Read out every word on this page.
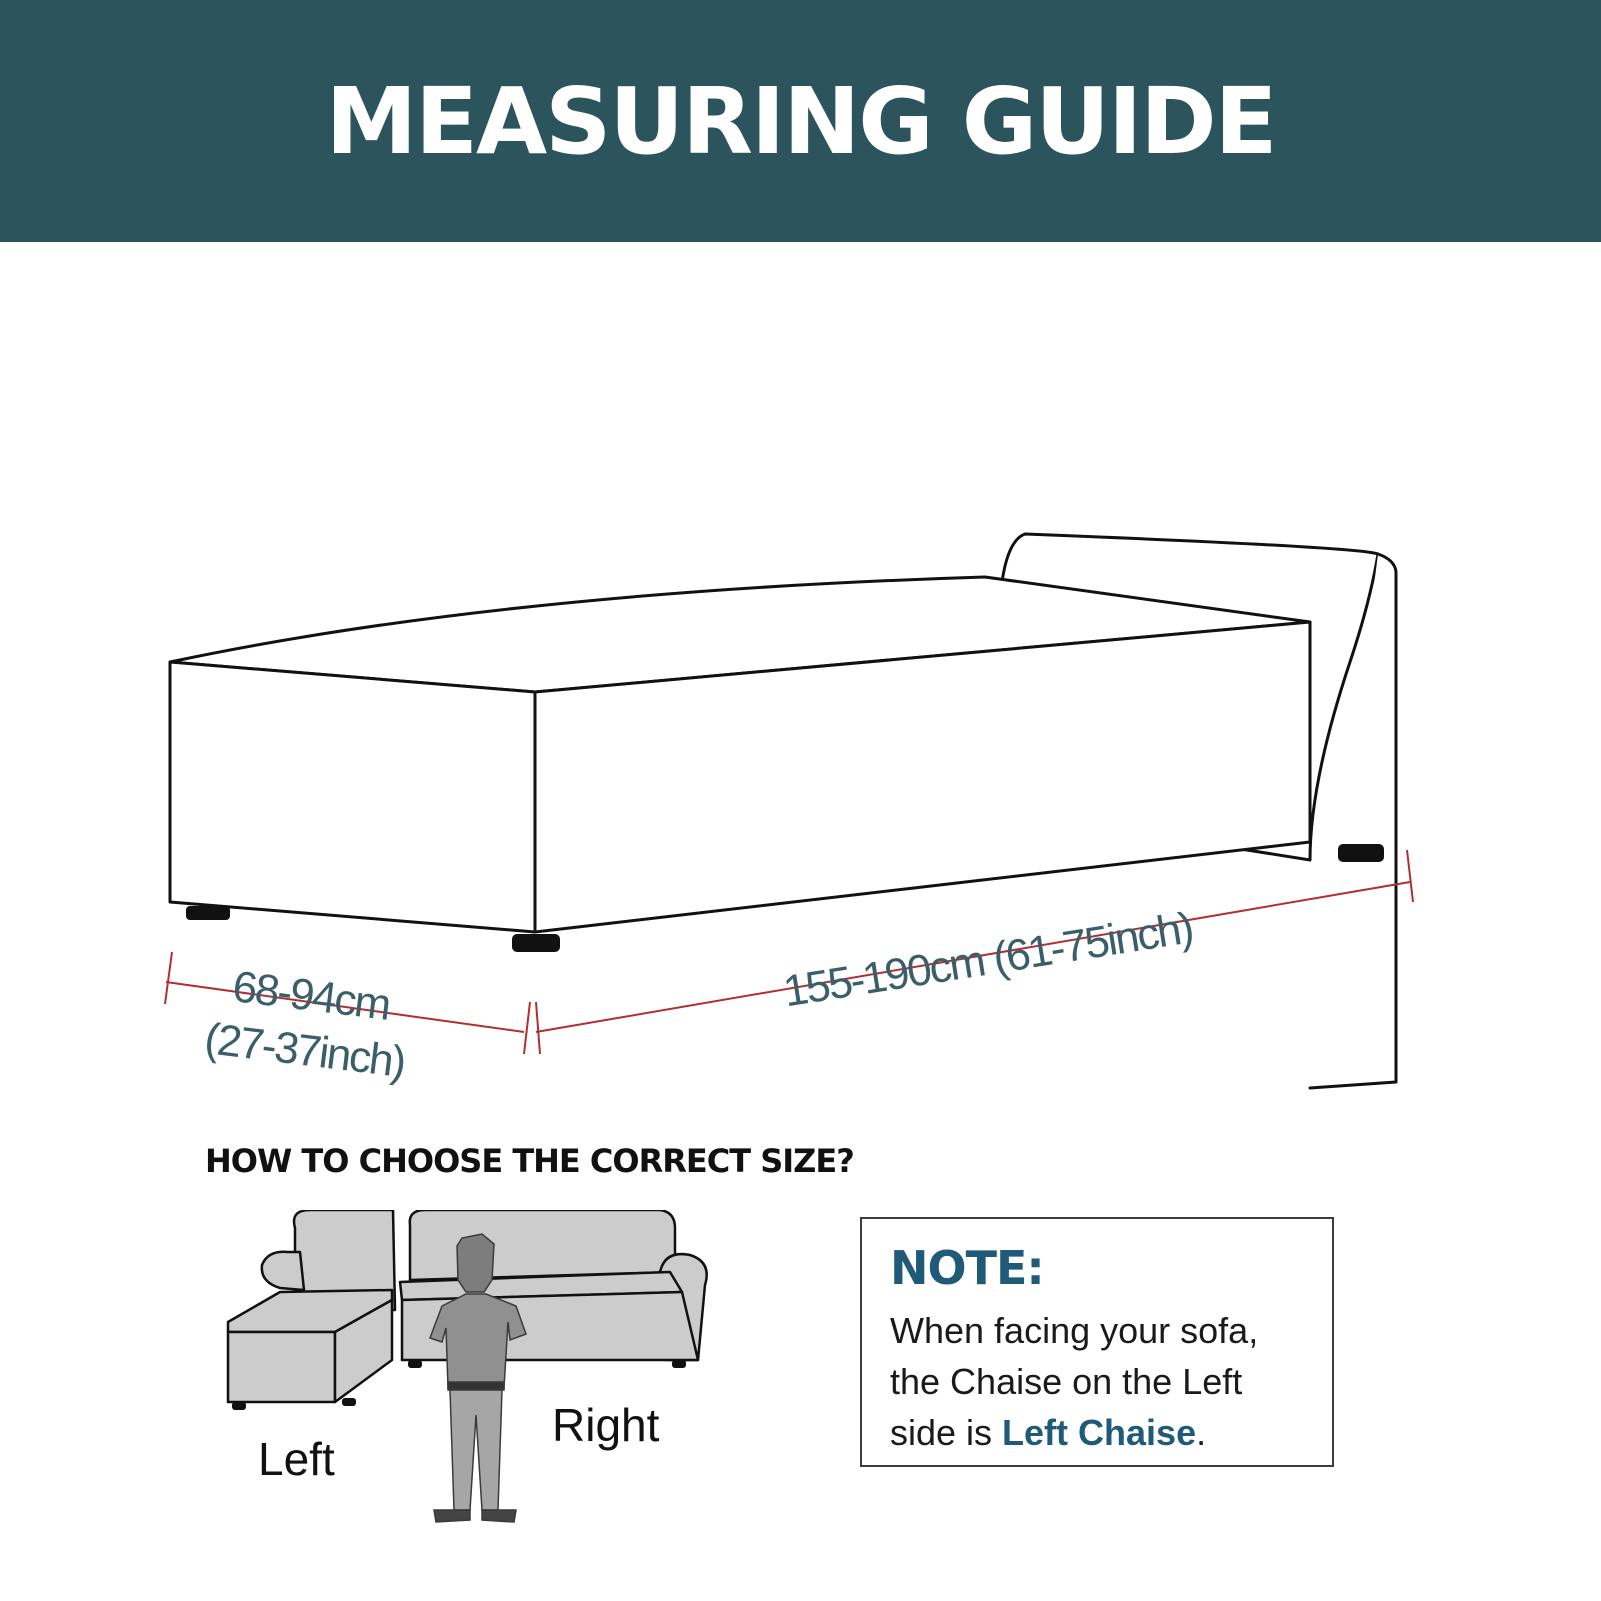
MEASURING GUIDE
68-94cm
(27-37inch)
155-190cm (61-75inch)
HOW TO CHOOSE THE CORRECT SIZE?
Left
Right
NOTE:
When facing your sofa,
the Chaise on the Left
side is Left Chaise.
